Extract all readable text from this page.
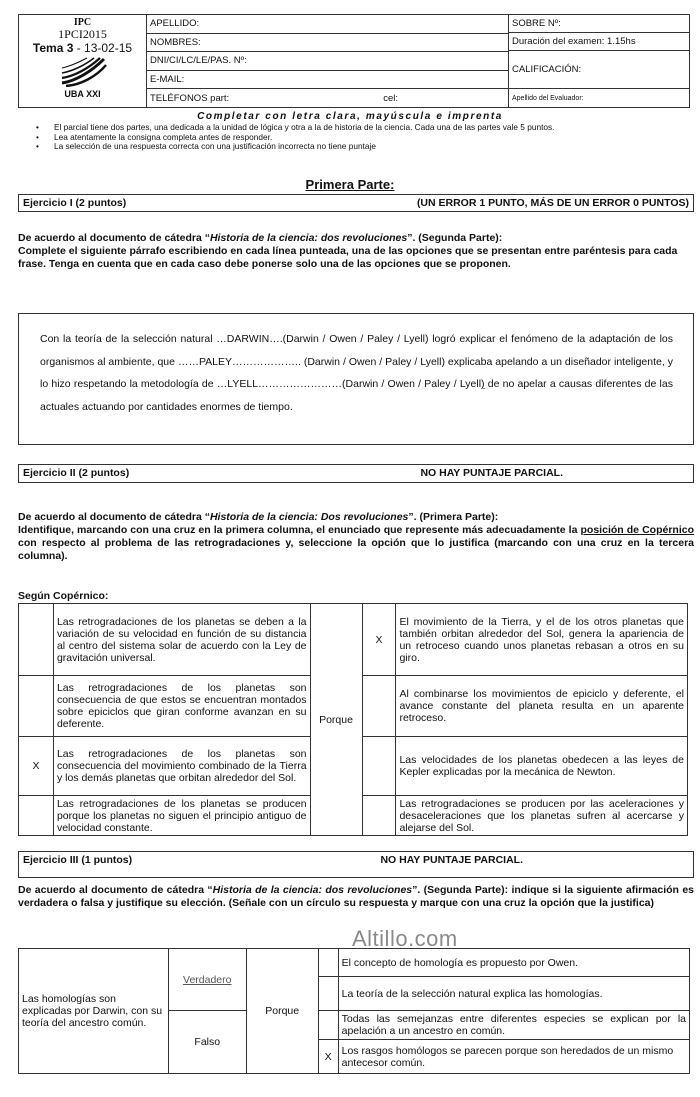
IPC
1PCI2015
Tema 3 - 13-02-15
UBA XXI
APELLIDO:
NOMBRES:
DNI/CI/LC/LE/PAS. Nº:
E-MAIL:
TELÉFONOS part:	cel:
SOBRE Nº:
Duración del examen: 1.15hs
CALIFICACIÓN:
Apellido del Evaluador:
Completar con letra clara, mayúscula e imprenta
• El parcial tiene dos partes, una dedicada a la unidad de lógica y otra a la de historia de la ciencia. Cada una de las partes vale 5 puntos.
• Lea atentamente la consigna completa antes de responder.
• La selección de una respuesta correcta con una justificación incorrecta no tiene puntaje
Primera Parte:
Ejercicio I (2 puntos)	(UN ERROR 1 PUNTO, MÁS DE UN ERROR 0 PUNTOS)
De acuerdo al documento de cátedra “Historia de la ciencia: dos revoluciones”. (Segunda Parte):
Complete el siguiente párrafo escribiendo en cada línea punteada, una de las opciones que se presentan entre paréntesis para cada frase. Tenga en cuenta que en cada caso debe ponerse solo una de las opciones que se proponen.
Con la teoría de la selección natural …DARWIN….(Darwin / Owen / Paley / Lyell) logró explicar el fenómeno de la adaptación de los organismos al ambiente, que ……PALEY……………….. (Darwin / Owen / Paley / Lyell) explicaba apelando a un diseñador inteligente, y lo hizo respetando la metodología de …LYELL……………………(Darwin / Owen / Paley / Lyell) de no apelar a causas diferentes de las actuales actuando por cantidades enormes de tiempo.
Ejercicio II (2 puntos)	NO HAY PUNTAJE PARCIAL.
De acuerdo al documento de cátedra “Historia de la ciencia: Dos revoluciones”. (Primera Parte):
Identifique, marcando con una cruz en la primera columna, el enunciado que represente más adecuadamente la posición de Copérnico con respecto al problema de las retrogradaciones y, seleccione la opción que lo justifica (marcando con una cruz en la tercera columna).
Según Copérnico:
	Las retrogradaciones de los planetas se deben a la variación de su velocidad en función de su distancia al centro del sistema solar de acuerdo con la Ley de gravitación universal.	Porque	X	El movimiento de la Tierra, y el de los otros planetas que también orbitan alrededor del Sol, genera la apariencia de un retroceso cuando unos planetas rebasan a otros en su giro.
	Las retrogradaciones de los planetas son consecuencia de que estos se encuentran montados sobre epiciclos que giran conforme avanzan en su deferente.			Al combinarse los movimientos de epiciclo y deferente, el avance constante del planeta resulta en un aparente retroceso.
X	Las retrogradaciones de los planetas son consecuencia del movimiento combinado de la Tierra y los demás planetas que orbitan alrededor del Sol.			Las velocidades de los planetas obedecen a las leyes de Kepler explicadas por la mecánica de Newton.
	Las retrogradaciones de los planetas se producen porque los planetas no siguen el principio antiguo de velocidad constante.			Las retrogradaciones se producen por las aceleraciones y desaceleraciones que los planetas sufren al acercarse y alejarse del Sol.
Ejercicio III (1 puntos)	NO HAY PUNTAJE PARCIAL.
De acuerdo al documento de cátedra “Historia de la ciencia: dos revoluciones”. (Segunda Parte): indique si la siguiente afirmación es verdadera o falsa y justifique su elección. (Señale con un círculo su respuesta y marque con una cruz la opción que la justifica)
Altillo.com
Las homologías son explicadas por Darwin, con su teoría del ancestro común.	Verdadero	Porque		El concepto de homología es propuesto por Owen.
				La teoría de la selección natural explica las homologías.
	Falso			Todas las semejanzas entre diferentes especies se explican por la apelación a un ancestro en común.
			X	Los rasgos homólogos se parecen porque son heredados de un mismo antecesor común.
